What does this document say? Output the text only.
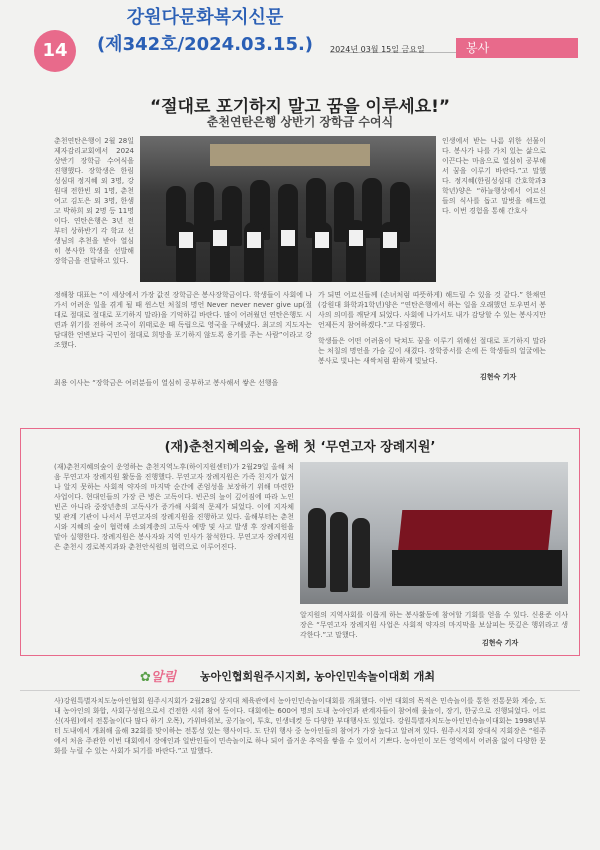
강원다문화복지신문
(제342호/2024.03.15.)
14	2024년 03월 15일 금요일	봉사
“절대로 포기하지 말고 꿈을 이루세요!”
춘천연탄은행 상반기 장학금 수여식

춘천연탄은행이 2월 28일 제자감리교회에서 2024 상반기 장학금 수여식을 진행했다. 장학생은 한림성심대 정지혜 외 3명, 강원대 전한빈 외 1명, 춘천여고 김도은 외 3명, 한샘고 박하희 외 2명 등 11명이다. 연탄은행은 3년 전부터 상하반기 각 학교 선생님의 추천을 받아 열심히 봉사한 학생을 선발해 장학금을 전달하고 있다.

인생에서 받는 나름 위한 선물이다. 봉사가 나를 가치 있는 삶으로 이끈다는 마음으로 열심히 공부해서 꿈을 이루기 바란다.”고 말했다. 정지혜(한림성심대 간호학과3학년)양은 “하늘행상에서 어르신들의 식사를 돕고 말벗을 해드렸다. 이번 경험을 통해 간호사

정해창 대표는 “이 세상에서 가장 값진 장학금은 봉사장학금이다. 학생들이 사회에 나가서 어려운 일을 겪게 될 때 윈스턴 처칠의 명언 Never never never give up(절대로 절대로 절대로 포기하지 말라)을 기억하길 바란다. 많이 어려웠던 연탄은행도 시련과 위기를 전하여 조국이 위태로운 때 독립으로 영국을 구해냈다. 최고의 지도자는 담대한 언변보다 국민이 절대로 희망을 포기하지 않도록 용기를 주는 사람”이라고 강조했다.

최용 이사는 “장학금은 여러분들이 열심히 공부하고 봉사해서 쌓은 선행을

가 되면 어르신들께 (손녀처럼 따뜻하게) 해드릴 수 있을 것 같다.” 한채연(강원대 화학과1학년)양은 “연탄은행에서 하는 일을 오래했던 도우면서 봉사의 의미를 깨닫게 되었다. 사회에 나가서도 내가 감당할 수 있는 봉사지만 언제든지 참여하겠다.”고 다짐했다.

학생들은 어떤 어려움이 닥쳐도 꿈을 이루기 위해선 절대로 포기하지 말라는 처칠의 명언을 가슴 깊이 새겼다. 장학증서를 손에 든 학생들의 얼굴에는 봉사로 빛나는 새싹처럼 환하게 빛났다.

김현숙 기자
(재)춘천지혜의숲, 올해 첫 ‘무연고자 장례지원’

(재)춘천지혜의숲이 운영하는 춘천지역노후(하이지원센터)가 2월29일 올해 처음 무연고자 장례지원 활동을 진행했다. 무연고자 장례지원은 가족 친지가 없거나 알지 못하는 사회적 약자의 마지막 순간에 존엄성을 보장하기 위해 마련한 사업이다. 현대인들의 가장 큰 병은 고독이다. 빈곤의 늪이 깊어짐에 따라 노인빈곤 아니라 중장년층의 고독사가 증가해 사회적 문제가 되었다. 이에 지자체 및 관계 기관이 나서서 무연고자의 장례지원을 진행하고 있다. 올해부터는 춘천시와 지혜의 숲이 협력해 소외계층의 고독사 예방 및 사고 발생 후 장례지원을 맡아 실행한다. 장례지원은 봉사자와 지역 인사가 참석한다. 무연고자 장례지원은 춘천시 경로복지과와 춘천안식원의 협력으로 이루어진다.

알지원의 지역사회를 이롭게 하는 봉사활동에 참여할 기회를 얻을 수 있다. 신용준 이사장은 “무연고자 장례지원 사업은 사회적 약자의 마지막을 보살피는 뜻깊은 행위라고 생각한다.”고 말했다.

김현숙 기자
✿알림 농아인협회원주시지회, 농아인민속놀이대회 개최

사)강원특별자치도농아인협회 원주시지회가 2월28일 상지대 체육관에서 농아인민속놀이대회를 개최했다. 이번 대회의 목적은 민속놀이를 통한 전통문화 계승, 도내 농아인의 화합, 사회구성원으로서 건전한 시위 참여 등이다. 대회에는 600여 명의 도내 농아인과 관계자들이 참여해 윷놀이, 장기, 한궁으로 진행되었다. 어르신(자원)에서 전통놀이(다 많다 하기 오목), 가위바위보, 공기놀이, 투호, 인생네컷 등 다양한 부대행사도 있었다. 강원특별자치도농아인민속놀이대회는 1998년부터 도내에서 개최해 올해 32회를 맞이하는 전통성 있는 행사이다. 도 단위 행사 중 농아인들의 참여가 가장 높다고 알려져 있다. 원주시지회 장대식 지회장은 “원주에서 처음 주관한 이번 대회에서 장애인과 일반인들이 민속놀이로 하나 되어 즐거운 추억을 쌓을 수 있어서 기쁘다. 농아인이 모든 영역에서 어려움 없이 다양한 문화를 누릴 수 있는 사회가 되기를 바란다.”고 말했다.
